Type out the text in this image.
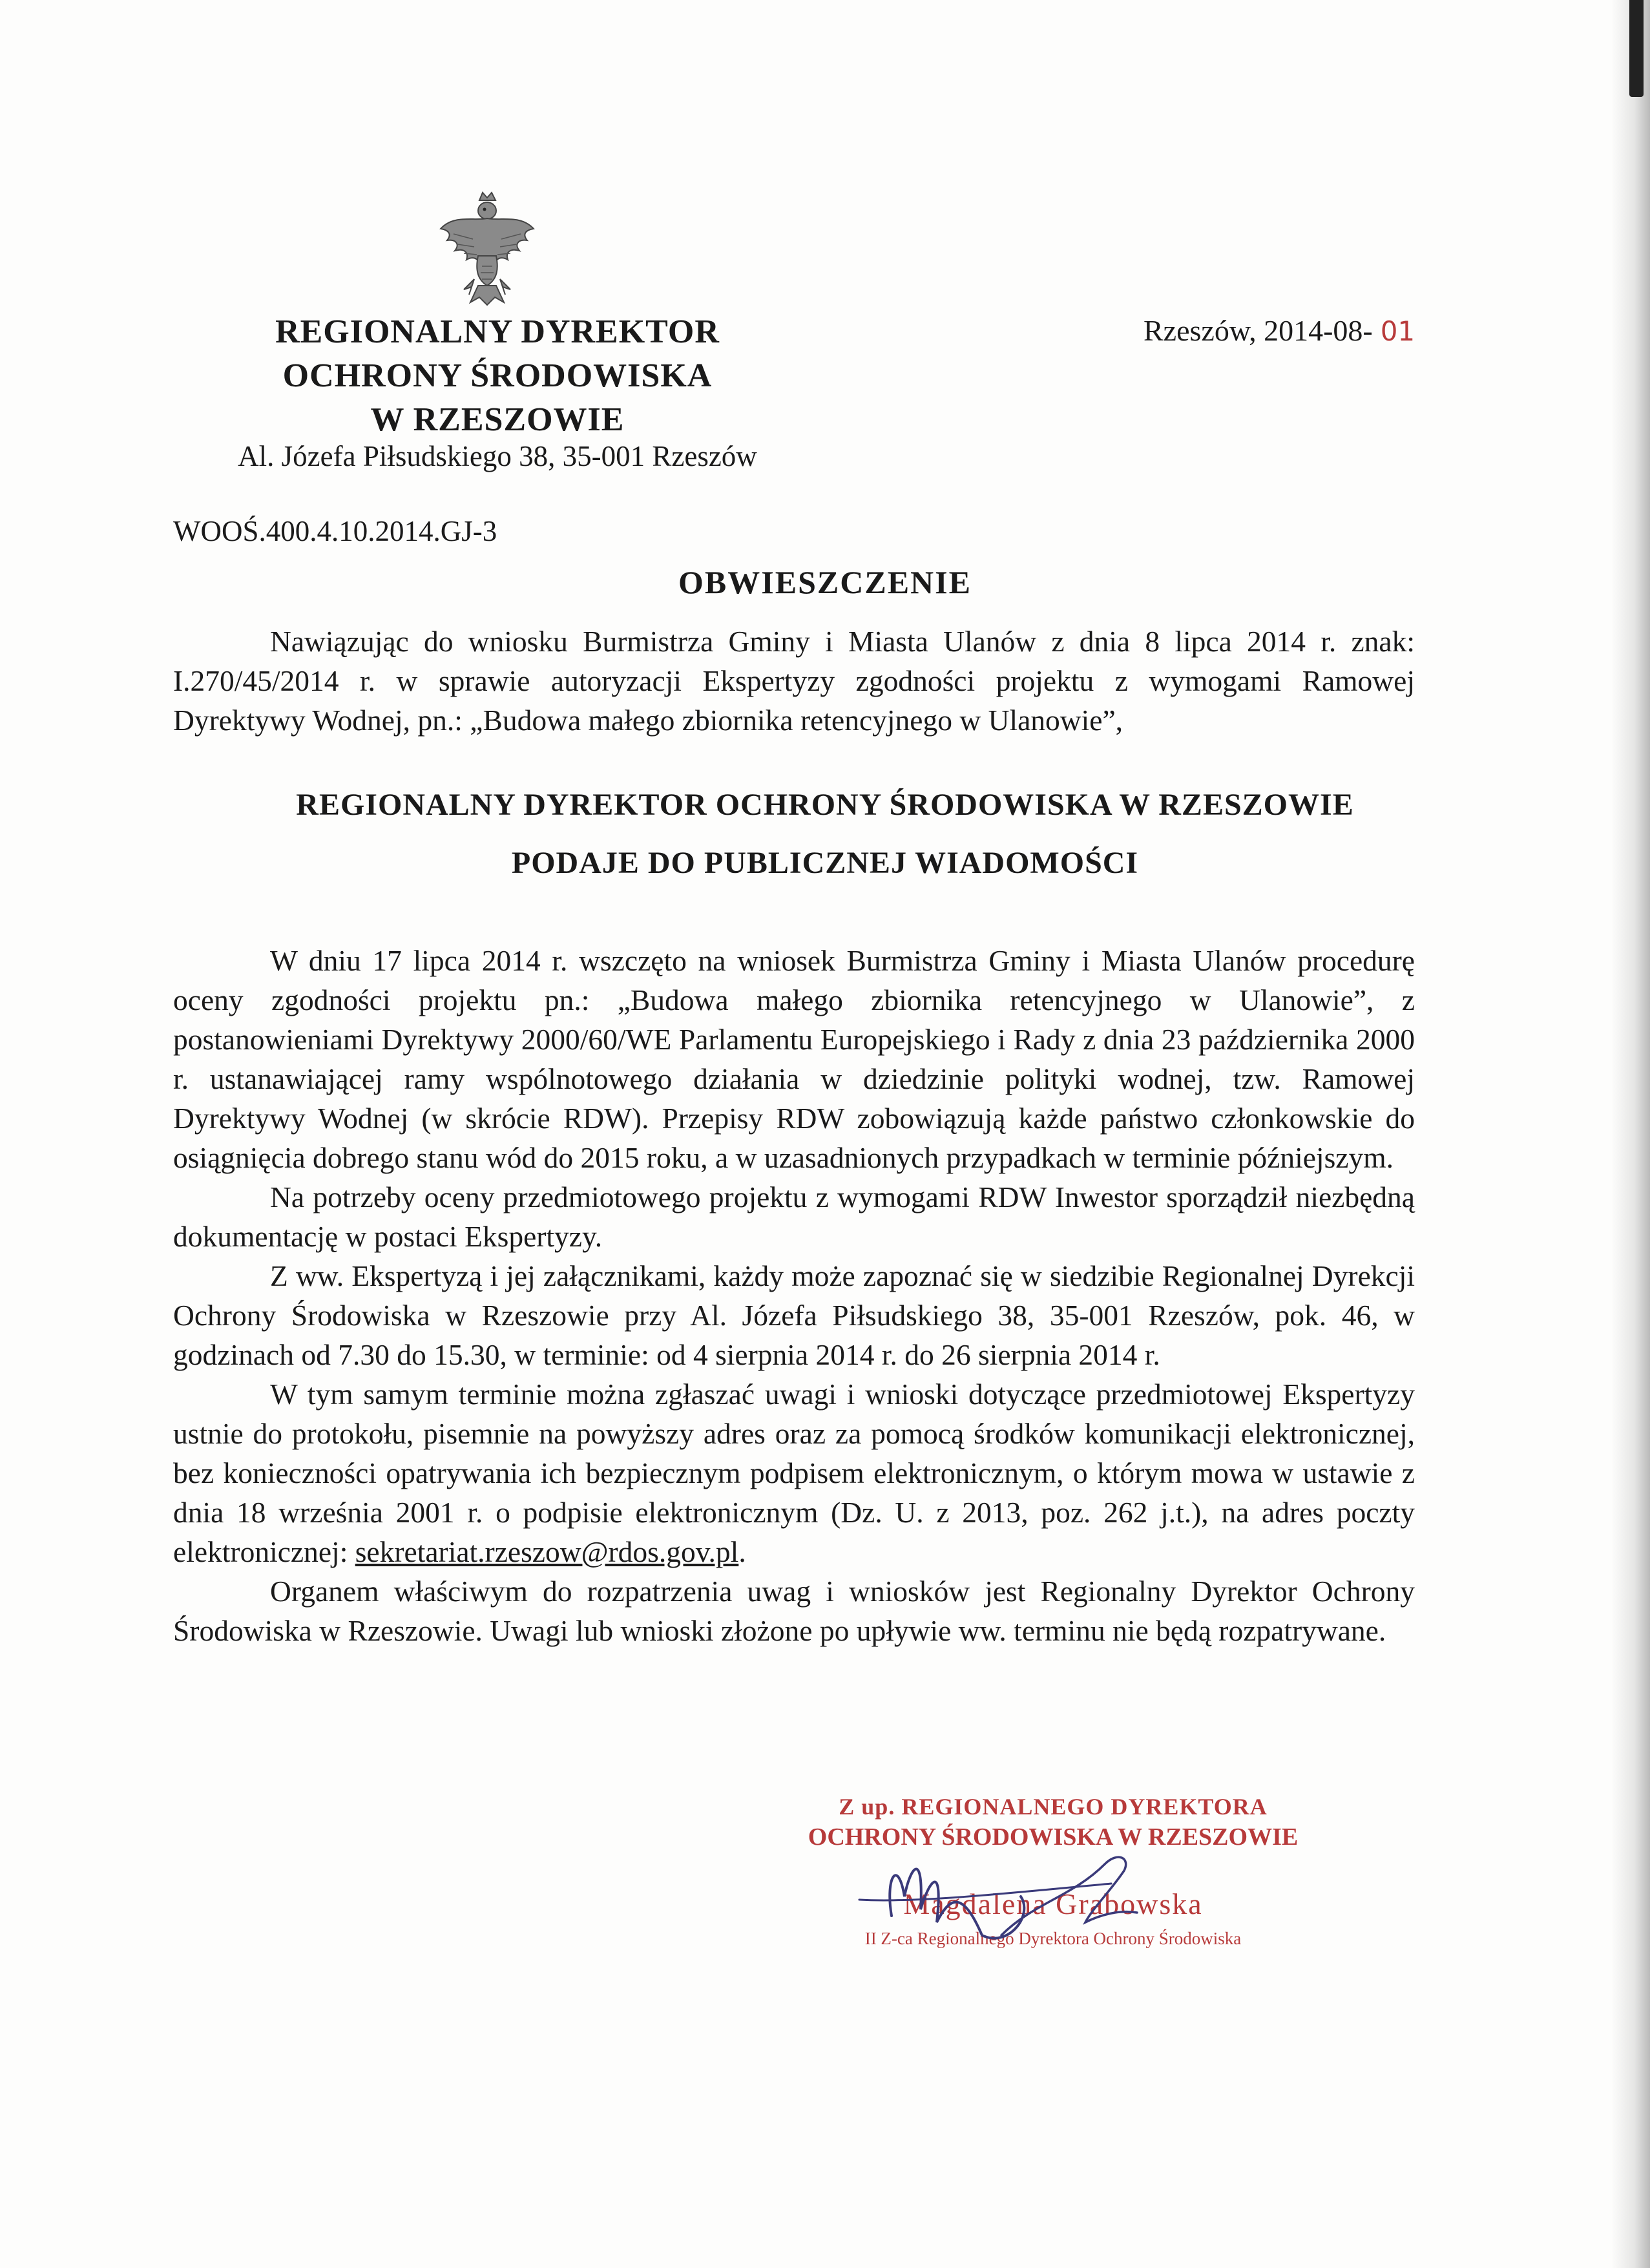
REGIONALNY DYREKTOR
OCHRONY ŚRODOWISKA
W RZESZOWIE
Al. Józefa Piłsudskiego 38, 35-001 Rzeszów
Rzeszów, 2014-08- 01
WOOŚ.400.4.10.2014.GJ-3
OBWIESZCZENIE
Nawiązując do wniosku Burmistrza Gminy i Miasta Ulanów z dnia 8 lipca 2014 r. znak: I.270/45/2014 r. w sprawie autoryzacji Ekspertyzy zgodności projektu z wymogami Ramowej Dyrektywy Wodnej, pn.: „Budowa małego zbiornika retencyjnego w Ulanowie”,
REGIONALNY DYREKTOR OCHRONY ŚRODOWISKA W RZESZOWIE
PODAJE DO PUBLICZNEJ WIADOMOŚCI

W dniu 17 lipca 2014 r. wszczęto na wniosek Burmistrza Gminy i Miasta Ulanów procedurę oceny zgodności projektu pn.: „Budowa małego zbiornika retencyjnego w Ulanowie”, z postanowieniami Dyrektywy 2000/60/WE Parlamentu Europejskiego i Rady z dnia 23 października 2000 r. ustanawiającej ramy wspólnotowego działania w dziedzinie polityki wodnej, tzw. Ramowej Dyrektywy Wodnej (w skrócie RDW). Przepisy RDW zobowiązują każde państwo członkowskie do osiągnięcia dobrego stanu wód do 2015 roku, a w uzasadnionych przypadkach w terminie późniejszym.

Na potrzeby oceny przedmiotowego projektu z wymogami RDW Inwestor sporządził niezbędną dokumentację w postaci Ekspertyzy.

Z ww. Ekspertyzą i jej załącznikami, każdy może zapoznać się w siedzibie Regionalnej Dyrekcji Ochrony Środowiska w Rzeszowie przy Al. Józefa Piłsudskiego 38, 35-001 Rzeszów, pok. 46, w godzinach od 7.30 do 15.30, w terminie: od 4 sierpnia 2014 r. do 26 sierpnia 2014 r.

W tym samym terminie można zgłaszać uwagi i wnioski dotyczące przedmiotowej Ekspertyzy ustnie do protokołu, pisemnie na powyższy adres oraz za pomocą środków komunikacji elektronicznej, bez konieczności opatrywania ich bezpiecznym podpisem elektronicznym, o którym mowa w ustawie z dnia 18 września 2001 r. o podpisie elektronicznym (Dz. U. z 2013, poz. 262 j.t.), na adres poczty elektronicznej: sekretariat.rzeszow@rdos.gov.pl.

Organem właściwym do rozpatrzenia uwag i wniosków jest Regionalny Dyrektor Ochrony Środowiska w Rzeszowie. Uwagi lub wnioski złożone po upływie ww. terminu nie będą rozpatrywane.

Z up. REGIONALNEGO DYREKTORA
OCHRONY ŚRODOWISKA W RZESZOWIE
Magdalena Grabowska
II Z-ca Regionalnego Dyrektora Ochrony Środowiska
